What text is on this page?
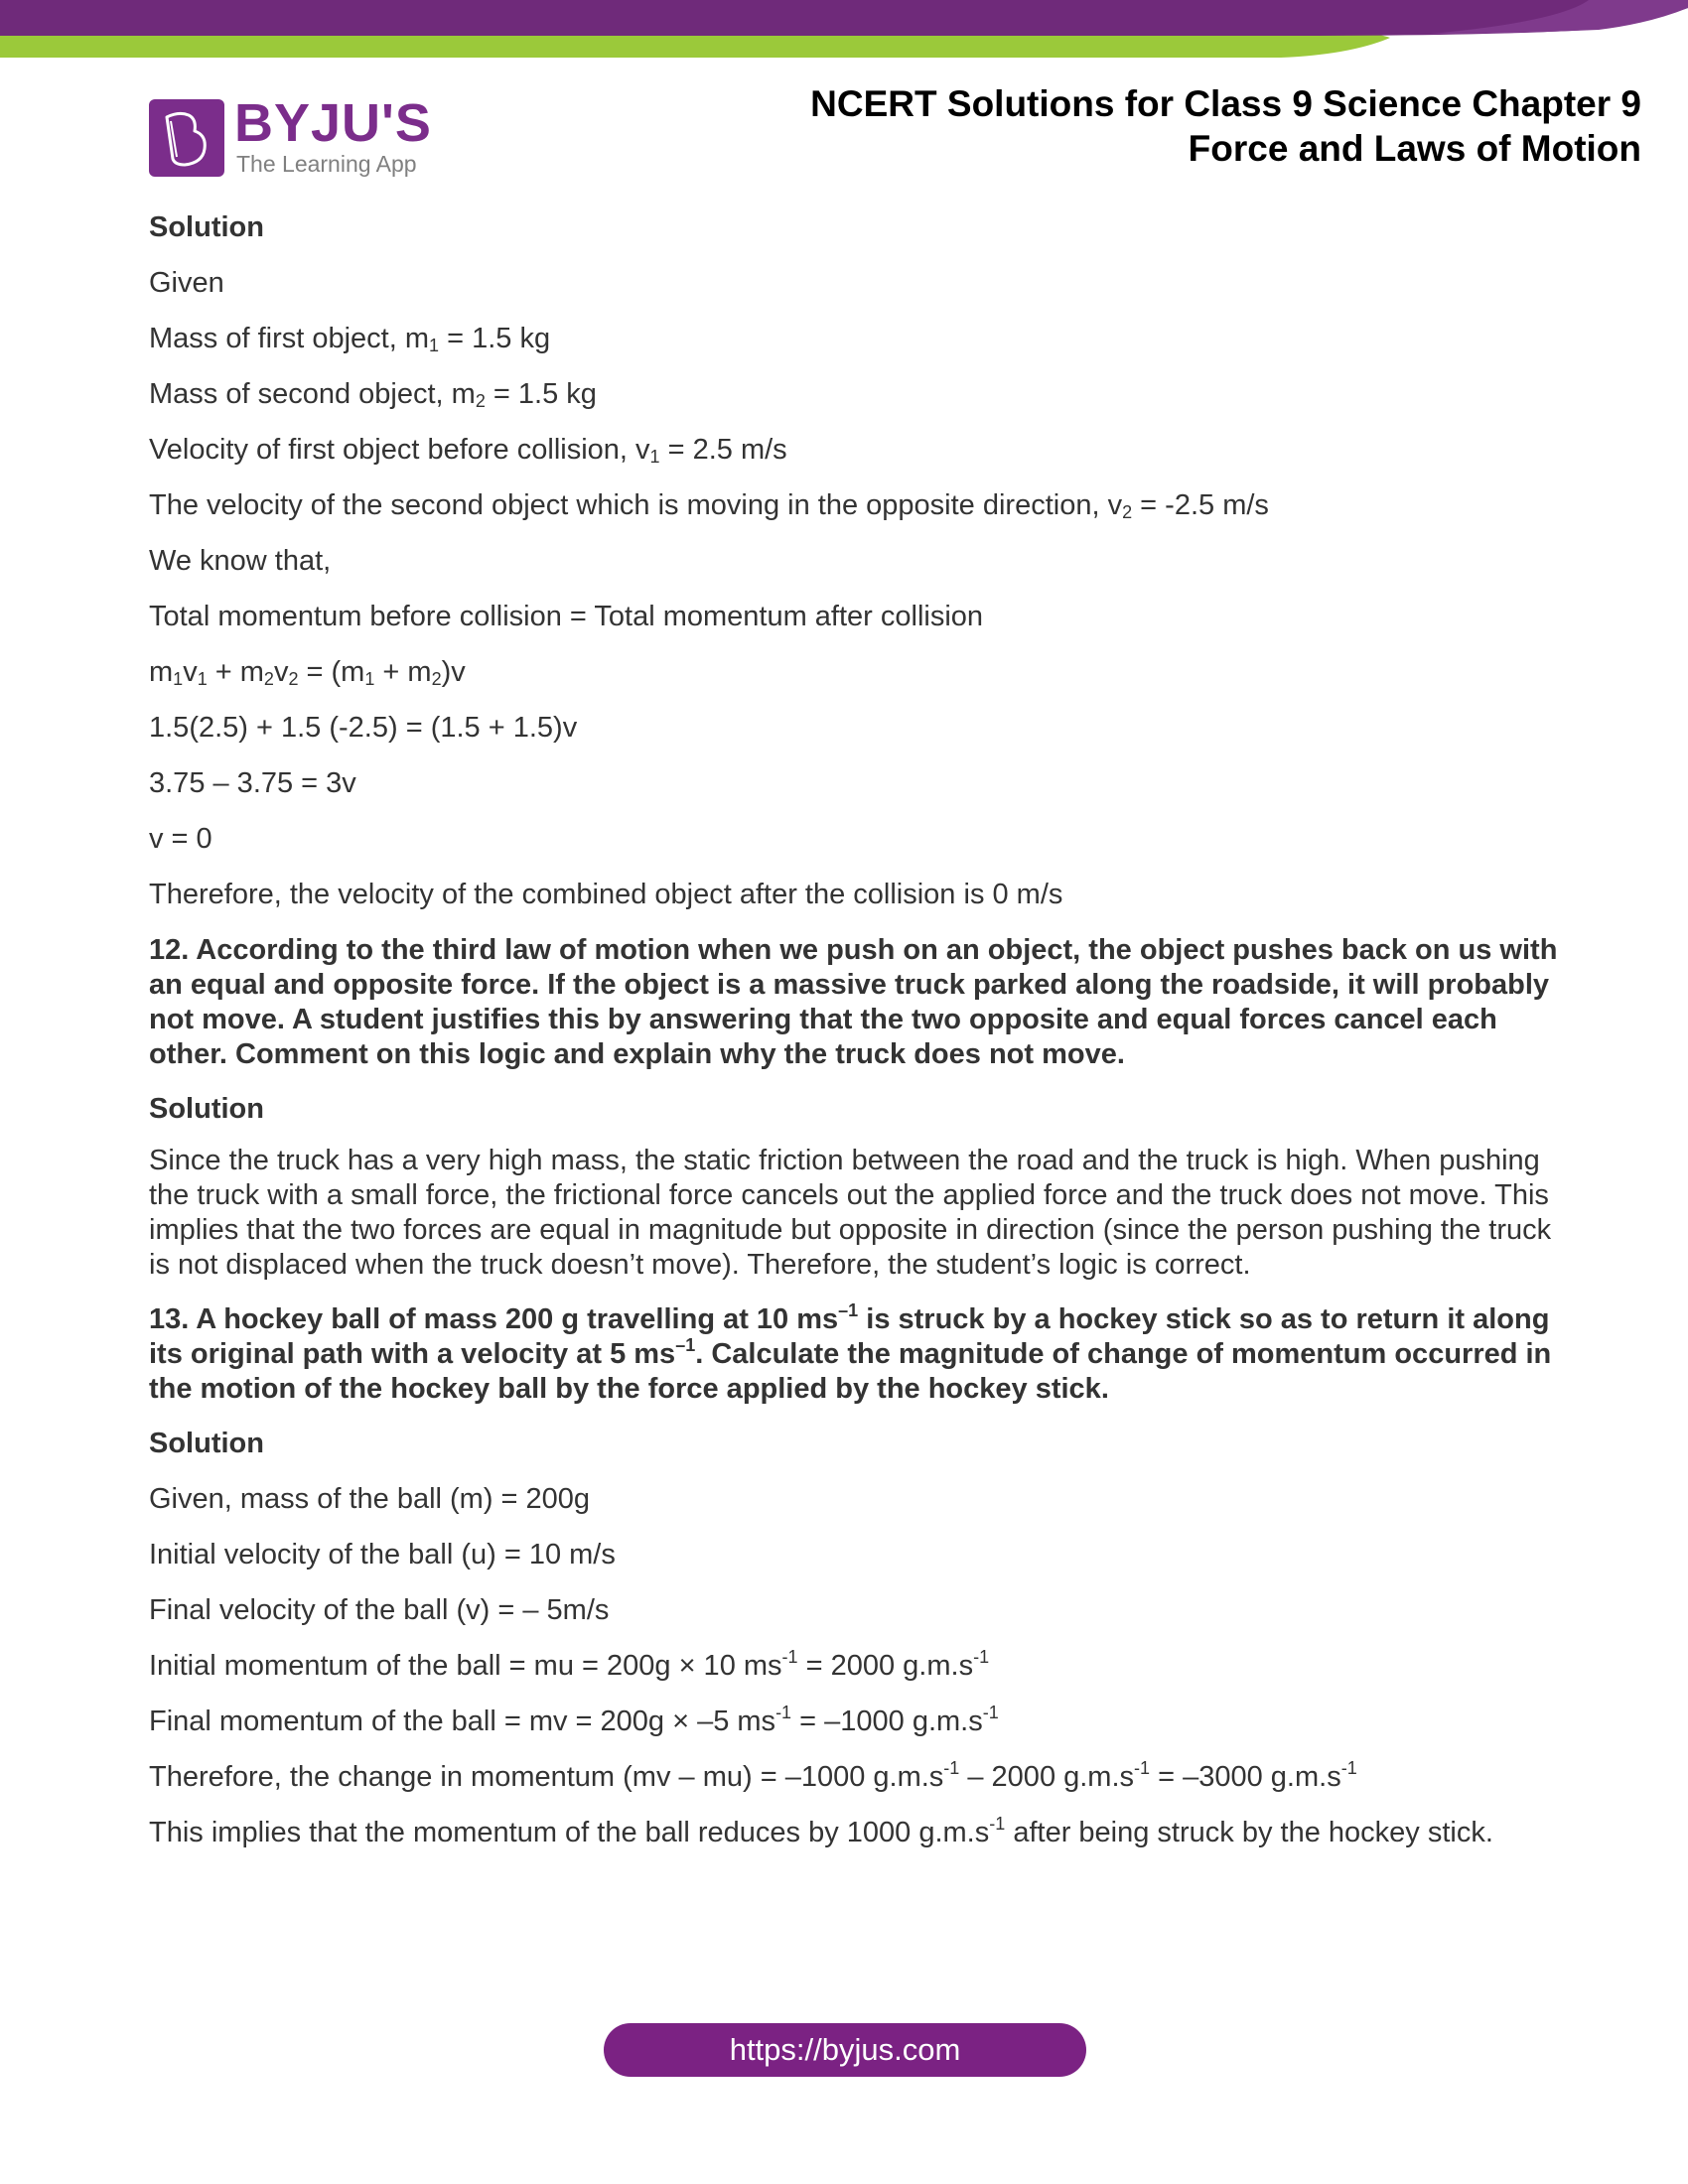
BYJU'S
The Learning App
NCERT Solutions for Class 9 Science Chapter 9
Force and Laws of Motion
Solution
Given
Mass of first object, $m_1 = 1.5$ kg
Mass of second object, $m_2 = 1.5$ kg
Velocity of first object before collision, $v_1 = 2.5$ m/s
The velocity of the second object which is moving in the opposite direction, $v_2 = -2.5$ m/s
We know that,
Total momentum before collision = Total momentum after collision
$m_1v_1 + m_2v_2 = (m_1 + m_2)v$
1.5(2.5) + 1.5 (-2.5) = (1.5 + 1.5)v
3.75 – 3.75 = 3v
v = 0
Therefore, the velocity of the combined object after the collision is 0 m/s
12. According to the third law of motion when we push on an object, the object pushes back on us with an equal and opposite force. If the object is a massive truck parked along the roadside, it will probably not move. A student justifies this by answering that the two opposite and equal forces cancel each other. Comment on this logic and explain why the truck does not move.
Solution
Since the truck has a very high mass, the static friction between the road and the truck is high. When pushing the truck with a small force, the frictional force cancels out the applied force and the truck does not move. This implies that the two forces are equal in magnitude but opposite in direction (since the person pushing the truck is not displaced when the truck doesn’t move). Therefore, the student’s logic is correct.
13. A hockey ball of mass 200 g travelling at 10 $ms^{-1}$ is struck by a hockey stick so as to return it along its original path with a velocity at 5 $ms^{-1}$. Calculate the magnitude of change of momentum occurred in the motion of the hockey ball by the force applied by the hockey stick.
Solution
Given, mass of the ball (m) = 200g
Initial velocity of the ball (u) = 10 m/s
Final velocity of the ball (v) = – 5m/s
Initial momentum of the ball = mu = 200g × 10 $ms^{-1} = 2000$ $g.m.s^{-1}$
Final momentum of the ball = mv = 200g × –5 $ms^{-1} = -1000$ $g.m.s^{-1}$
Therefore, the change in momentum (mv – mu) = –1000 $g.m.s^{-1} - 2000$ $g.m.s^{-1} = -3000$ $g.m.s^{-1}$
This implies that the momentum of the ball reduces by 1000 $g.m.s^{-1}$ after being struck by the hockey stick.
https://byjus.com
